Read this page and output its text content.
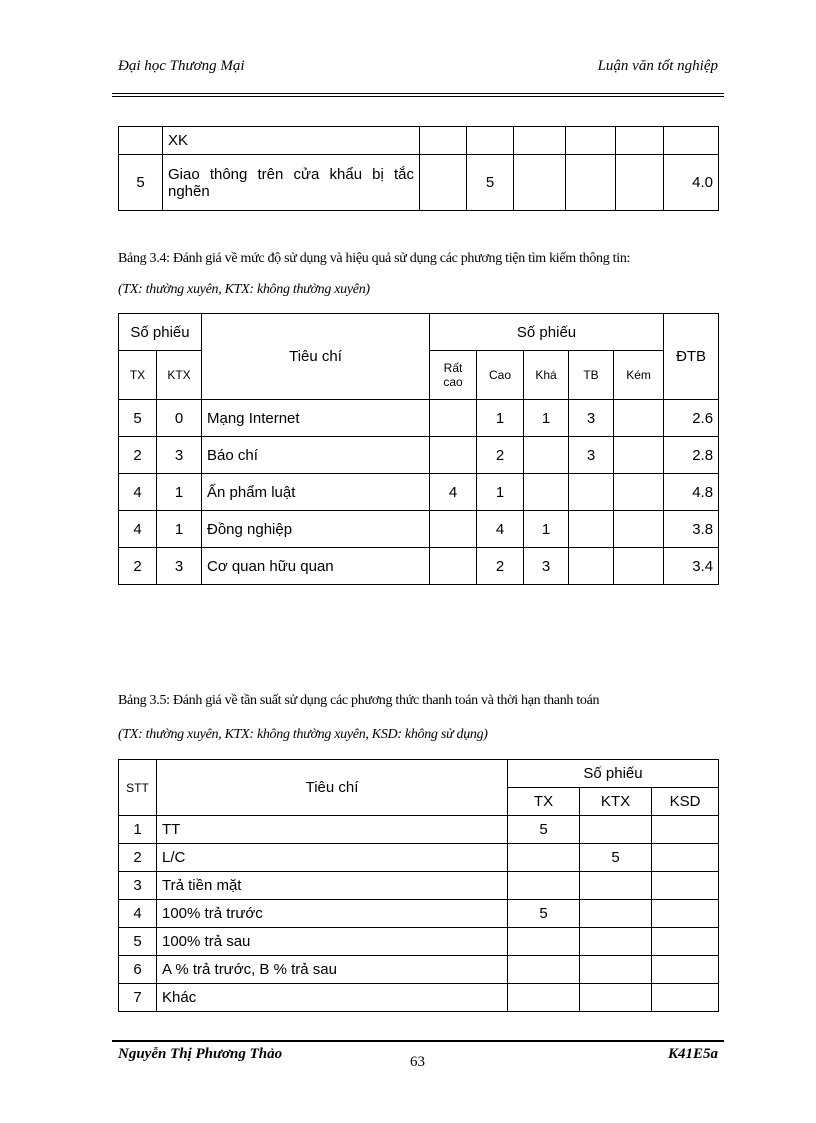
Đại học Thương Mại	Luận văn tốt nghiệp
	XK						
5	Giao thông trên cửa khẩu bị tắc nghẽn		5				4.0
Bảng 3.4: Đánh giá về mức độ sử dụng và hiệu quả sử dụng các phương tiện tìm kiếm thông tin:
(TX: thường xuyên, KTX: không thường xuyên)
Số phiếu		Tiêu chí	Số phiếu					ĐTB
TX	KTX		Rất cao	Cao	Khá	TB	Kém	
5	0	Mạng Internet		1	1	3		2.6
2	3	Báo chí		2		3		2.8
4	1	Ấn phẩm luật	4	1				4.8
4	1	Đồng nghiệp		4	1			3.8
2	3	Cơ quan hữu quan		2	3			3.4
Bảng 3.5: Đánh giá về tần suất sử dụng các phương thức thanh toán và thời hạn thanh toán
(TX: thường xuyên, KTX: không thường xuyên, KSD: không sử dụng)
STT	Tiêu chí	Số phiếu		
		TX	KTX	KSD
1	TT	5		
2	L/C		5	
3	Trả tiền mặt			
4	100% trả trước	5		
5	100% trả sau			
6	A % trả trước, B % trả sau			
7	Khác			
Nguyễn Thị Phương Thảo	63	K41E5a
